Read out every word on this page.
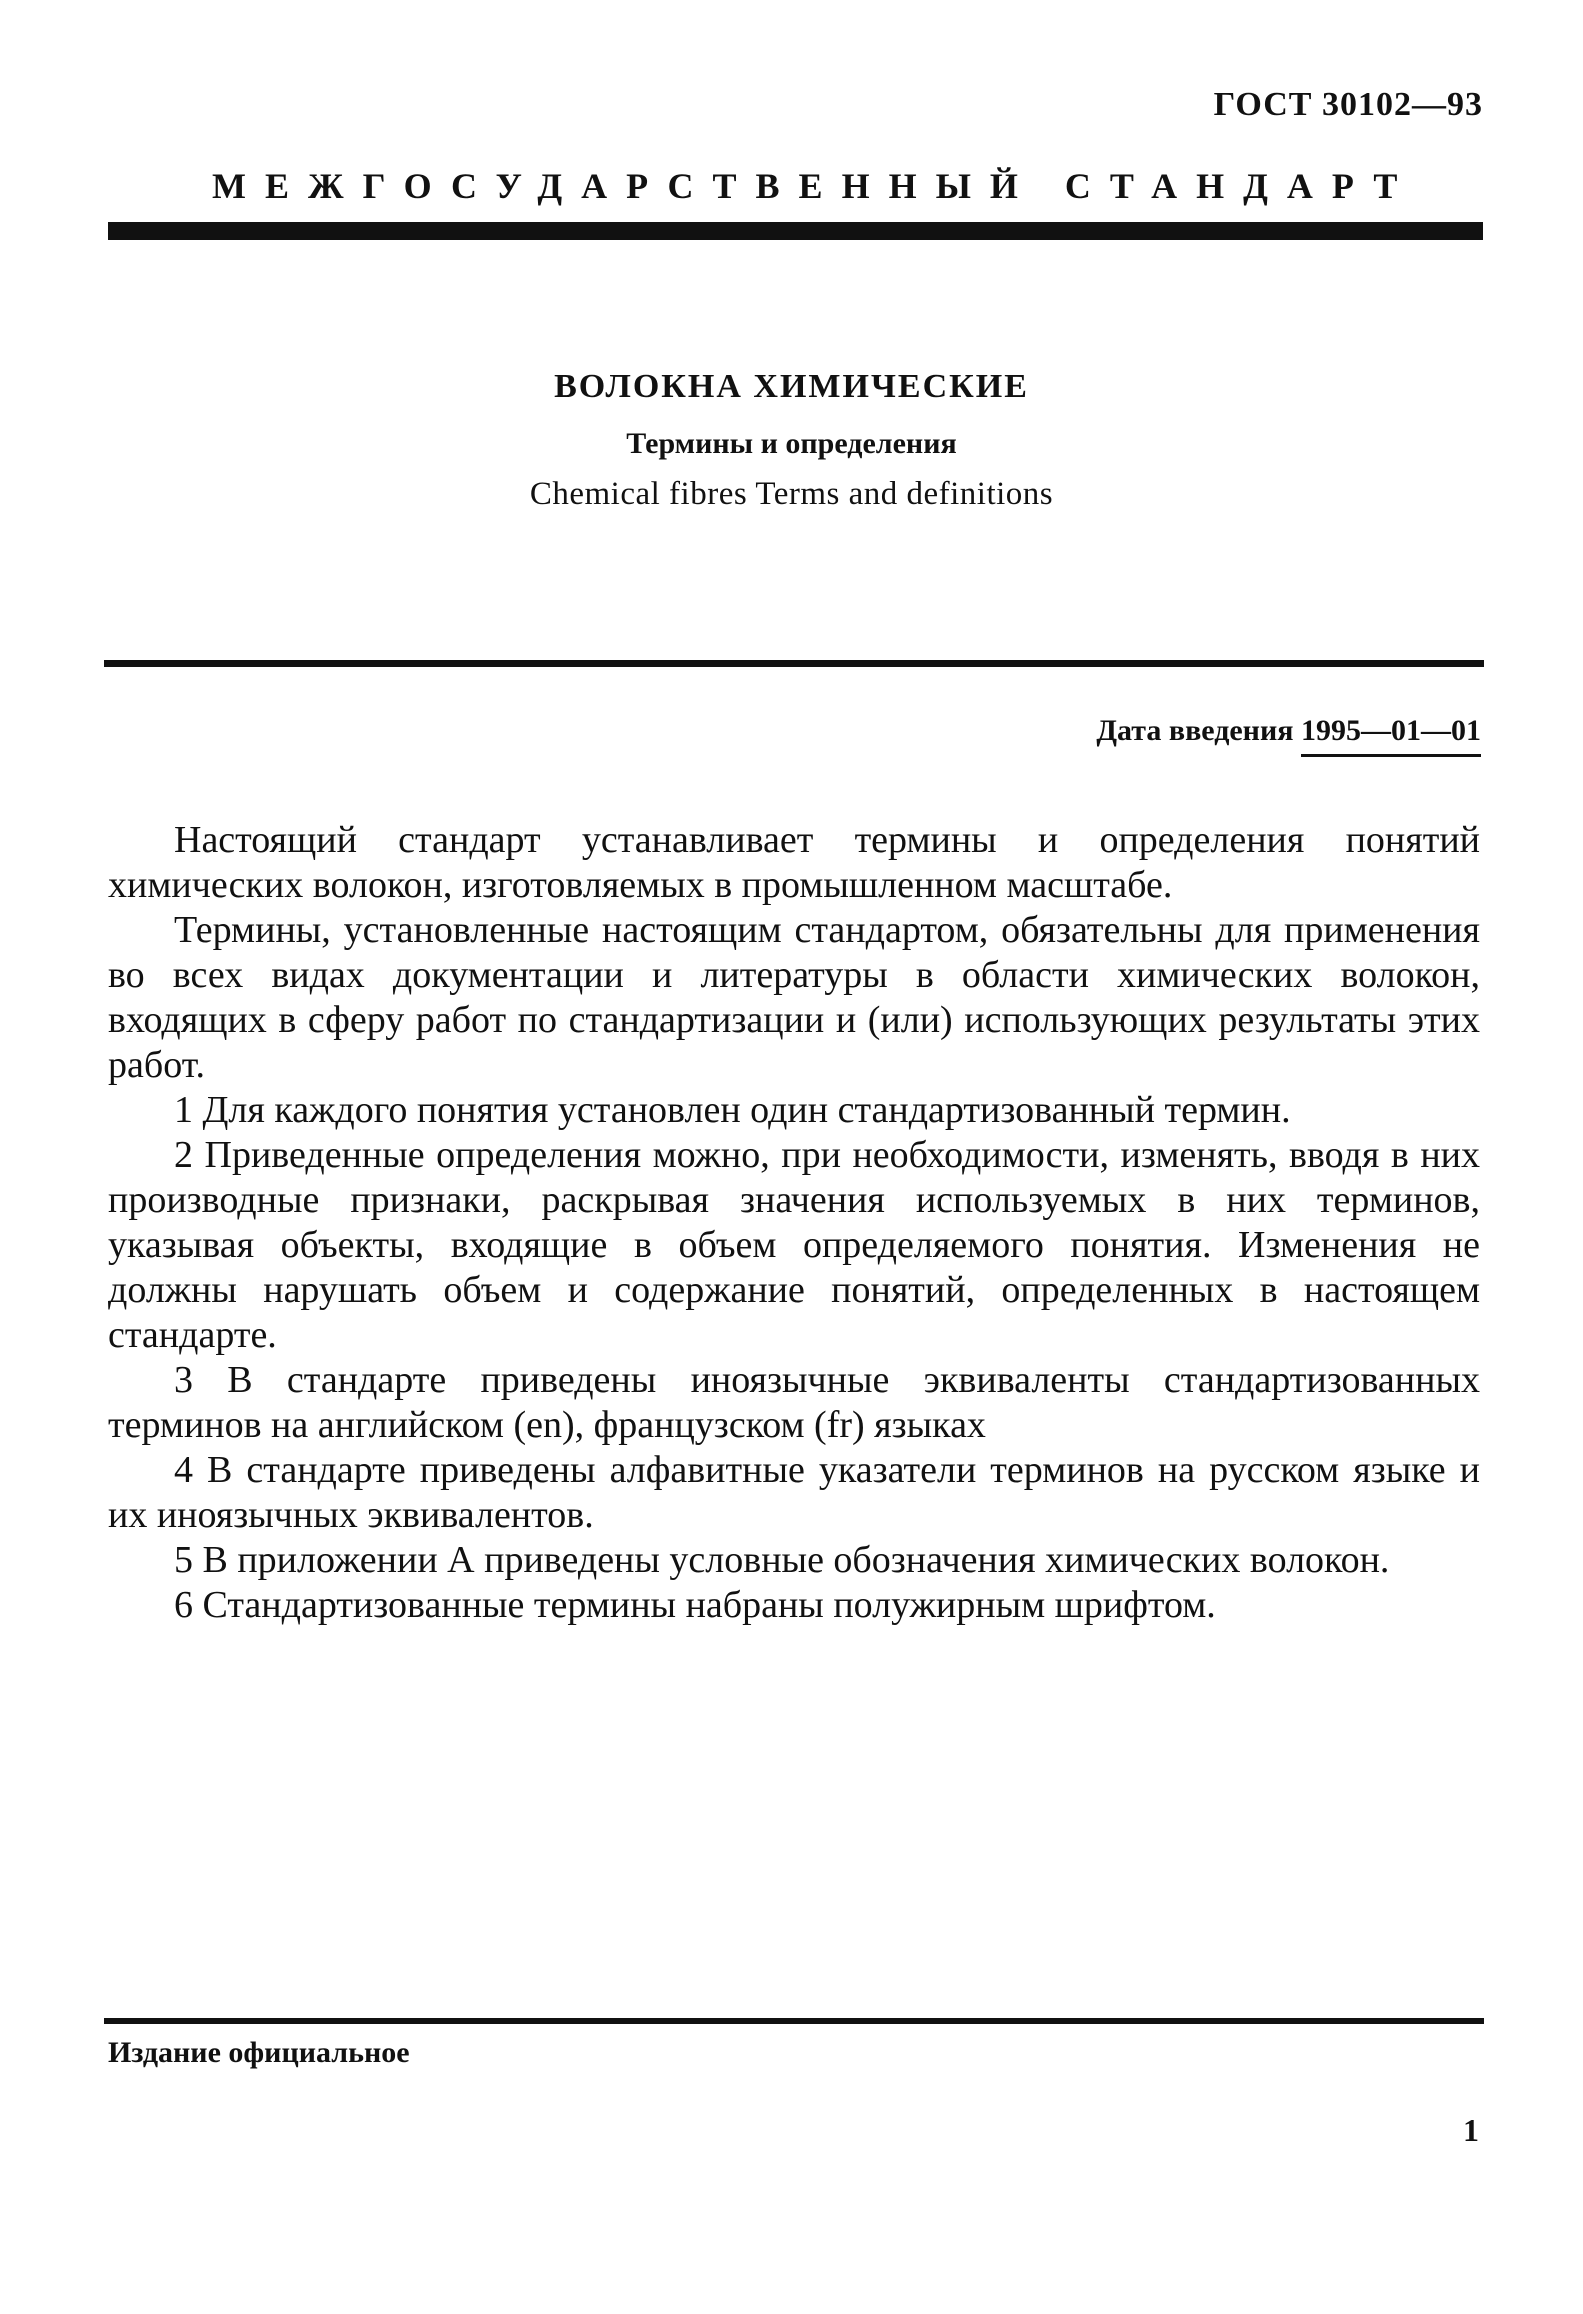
ГОСТ 30102—93
МЕЖГОСУДАРСТВЕННЫЙ СТАНДАРТ
ВОЛОКНА ХИМИЧЕСКИЕ
Термины и определения
Chemical fibres Terms and definitions
Дата введения 1995—01—01

Настоящий стандарт устанавливает термины и определения понятий химических волокон, изготовляемых в промышленном масштабе.

Термины, установленные настоящим стандартом, обязательны для применения во всех видах документации и литературы в области химических волокон, входящих в сферу работ по стандартизации и (или) использующих результаты этих работ.

1 Для каждого понятия установлен один стандартизованный термин.

2 Приведенные определения можно, при необходимости, изменять, вводя в них производные признаки, раскрывая значения используемых в них терминов, указывая объекты, входящие в объем определяемого понятия. Изменения не должны нарушать объем и содержание понятий, определенных в настоящем стандарте.

3 В стандарте приведены иноязычные эквиваленты стандартизованных терминов на английском (en), французском (fr) языках

4 В стандарте приведены алфавитные указатели терминов на русском языке и их иноязычных эквивалентов.

5 В приложении А приведены условные обозначения химических волокон.

6 Стандартизованные термины набраны полужирным шрифтом.

Издание официальное
1
